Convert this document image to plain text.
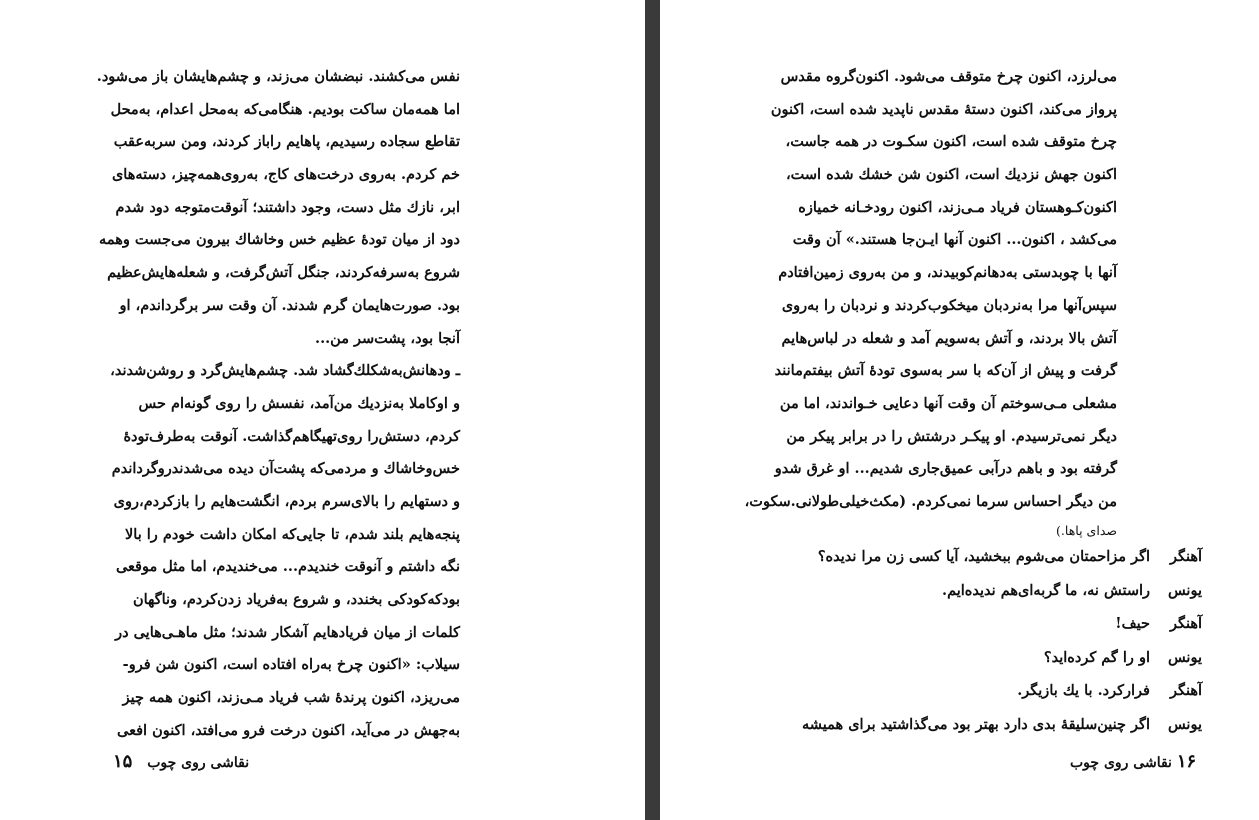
نفس می‌کشند. نبضشان می‌زند، و چشم‌هایشان باز می‌شود.
اما همه‌مان ساکت بودیم. هنگامی‌که به‌محل اعدام، به‌محل
تقاطع سجاده رسیدیم، پاهایم راباز کردند، ومن سربه‌عقب
خم کردم. به‌روی درخت‌های کاج، به‌روی‌همه‌چیز، دسته‌های
ابر، نازك مثل دست، وجود داشتند؛ آنوقت‌متوجه دود شدم
دود از میان تودهٔ عظیم خس وخاشاك بیرون می‌جست وهمه
شروع به‌سرفه‌کردند، جنگل آتش‌گرفت، و شعله‌هایش‌عظیم
بود. صورت‌هایمان گرم شدند. آن وقت سر برگرداندم، او
آنجا بود، پشت‌سر من...
ـ ودهانش‌به‌شکلك‌گشاد شد. چشم‌هایش‌گرد و روشن‌شدند،
و اوکاملا به‌نزدیك من‌آمد، نفسش را روی گونه‌ام حس
کردم، دستش‌را روی‌تهیگاهم‌گذاشت. آنوقت به‌طرف‌تودهٔ
خس‌وخاشاك و مردمی‌که پشت‌آن دیده می‌شدندروگرداندم
و دستهایم را بالای‌سرم بردم، انگشت‌هایم را بازکردم،روی
پنجه‌هایم بلند شدم، تا جایی‌که امکان داشت خودم را بالا
نگه داشتم و آنوقت خندیدم... می‌خندیدم، اما مثل موقعی
بودکه‌کودکی بخندد، و شروع به‌فریاد زدن‌کردم، وناگهان
کلمات از میان فریادهایم آشکار شدند؛ مثل ماهـی‌هایی در
سیلاب: «اکنون چرخ به‌راه افتاده است، اکنون شن فرو-
می‌ریزد، اکنون پرندهٔ شب فریاد مـی‌زند، اکنون همه چیز
به‌جهش در می‌آید، اکنون درخت فرو می‌افتد، اکنون افعی
نقاشی روی چوب ۱۵
می‌لرزد، اکنون چرخ متوقف می‌شود. اکنون‌گروه مقدس
پرواز می‌کند، اکنون دستهٔ مقدس ناپدید شده است، اکنون
چرخ متوقف شده است، اکنون سکـوت در همه جاست،
اکنون جهش نزدیك است، اکنون شن خشك شده است،
اکنون‌کـوهستان فریاد مـی‌زند، اکنون رودخـانه خمیازه
می‌کشد ، اکنون... اکنون آنها ایـن‌جا هستند.» آن وقت
آنها با چوبدستی به‌دهانم‌کوبیدند، و من به‌روی زمین‌افتادم
سپس‌آنها مرا به‌نردبان میخکوب‌کردند و نردبان را به‌روی
آتش بالا بردند، و آتش به‌سویم آمد و شعله در لباس‌هایم
گرفت و پیش از آن‌که با سر به‌سوی تودهٔ آتش بیفتم‌مانند
مشعلی مـی‌سوختم آن وقت آنها دعایی خـواندند، اما من
دیگر نمی‌ترسیدم. او پیکـر درشتش را در برابر پیکر من
گرفته بود و باهم درآبی عمیق‌جاری شدیم... او غرق شدو
من دیگر احساس سرما نمی‌کردم. (مکث‌خیلی‌طولانی.سکوت،
صدای پاها.)
آهنگر
اگر مزاحمتان می‌شوم ببخشید، آیا کسی زن مرا ندیده؟
یونس
راستش نه، ما گربه‌ای‌هم ندیده‌ایم.
آهنگر
حیف!
یونس
او را گم کرده‌اید؟
آهنگر
فرارکرد. با یك بازیگر.
یونس
اگر چنین‌سلیقهٔ بدی دارد بهتر بود می‌گذاشتید برای همیشه
۱۶ نقاشی روی چوب
